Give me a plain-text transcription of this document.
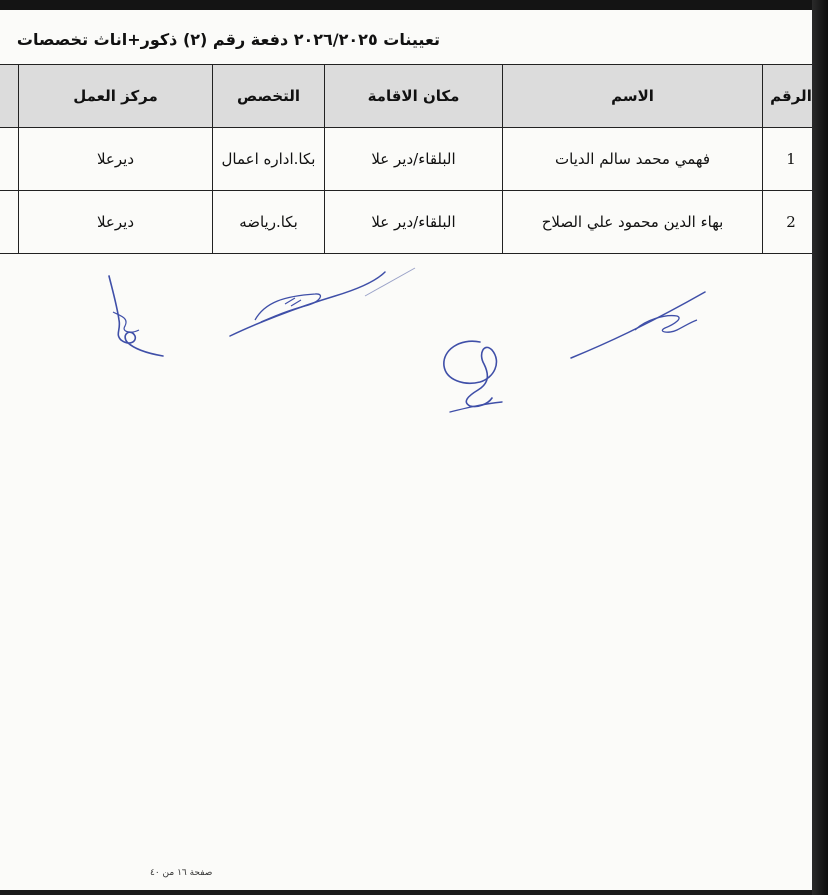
تعيينات ٢٠٢٦/٢٠٢٥ دفعة رقم (٢) ذكور+اناث تخصصات
الرقم	الاسم	مكان الاقامة	التخصص	مركز العمل	
1	فهمي محمد سالم الديات	البلقاء/دير علا	بكا.اداره اعمال	ديرعلا	
2	بهاء الدين محمود علي الصلاح	البلقاء/دير علا	بكا.رياضه	ديرعلا	
صفحة ١٦ من ٤٠
